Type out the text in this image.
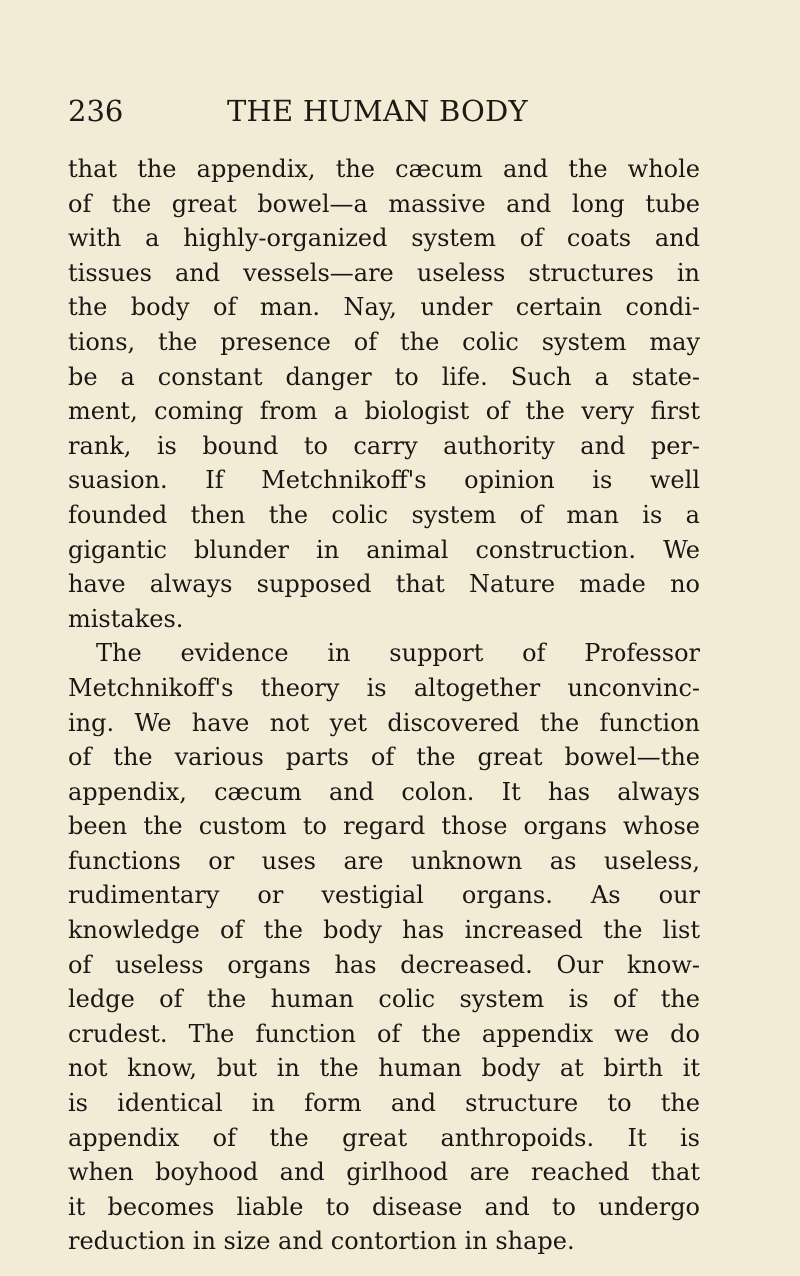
236	THE HUMAN BODY
that the appendix, the cæcum and the whole
of the great bowel—a massive and long tube
with a highly-organized system of coats and
tissues and vessels—are useless structures in
the body of man. Nay, under certain condi-
tions, the presence of the colic system may
be a constant danger to life. Such a state-
ment, coming from a biologist of the very first
rank, is bound to carry authority and per-
suasion. If Metchnikoff's opinion is well
founded then the colic system of man is a
gigantic blunder in animal construction. We
have always supposed that Nature made no
mistakes.
The evidence in support of Professor
Metchnikoff's theory is altogether unconvinc-
ing. We have not yet discovered the function
of the various parts of the great bowel—the
appendix, cæcum and colon. It has always
been the custom to regard those organs whose
functions or uses are unknown as useless,
rudimentary or vestigial organs. As our
knowledge of the body has increased the list
of useless organs has decreased. Our know-
ledge of the human colic system is of the
crudest. The function of the appendix we do
not know, but in the human body at birth it
is identical in form and structure to the
appendix of the great anthropoids. It is
when boyhood and girlhood are reached that
it becomes liable to disease and to undergo
reduction in size and contortion in shape.
